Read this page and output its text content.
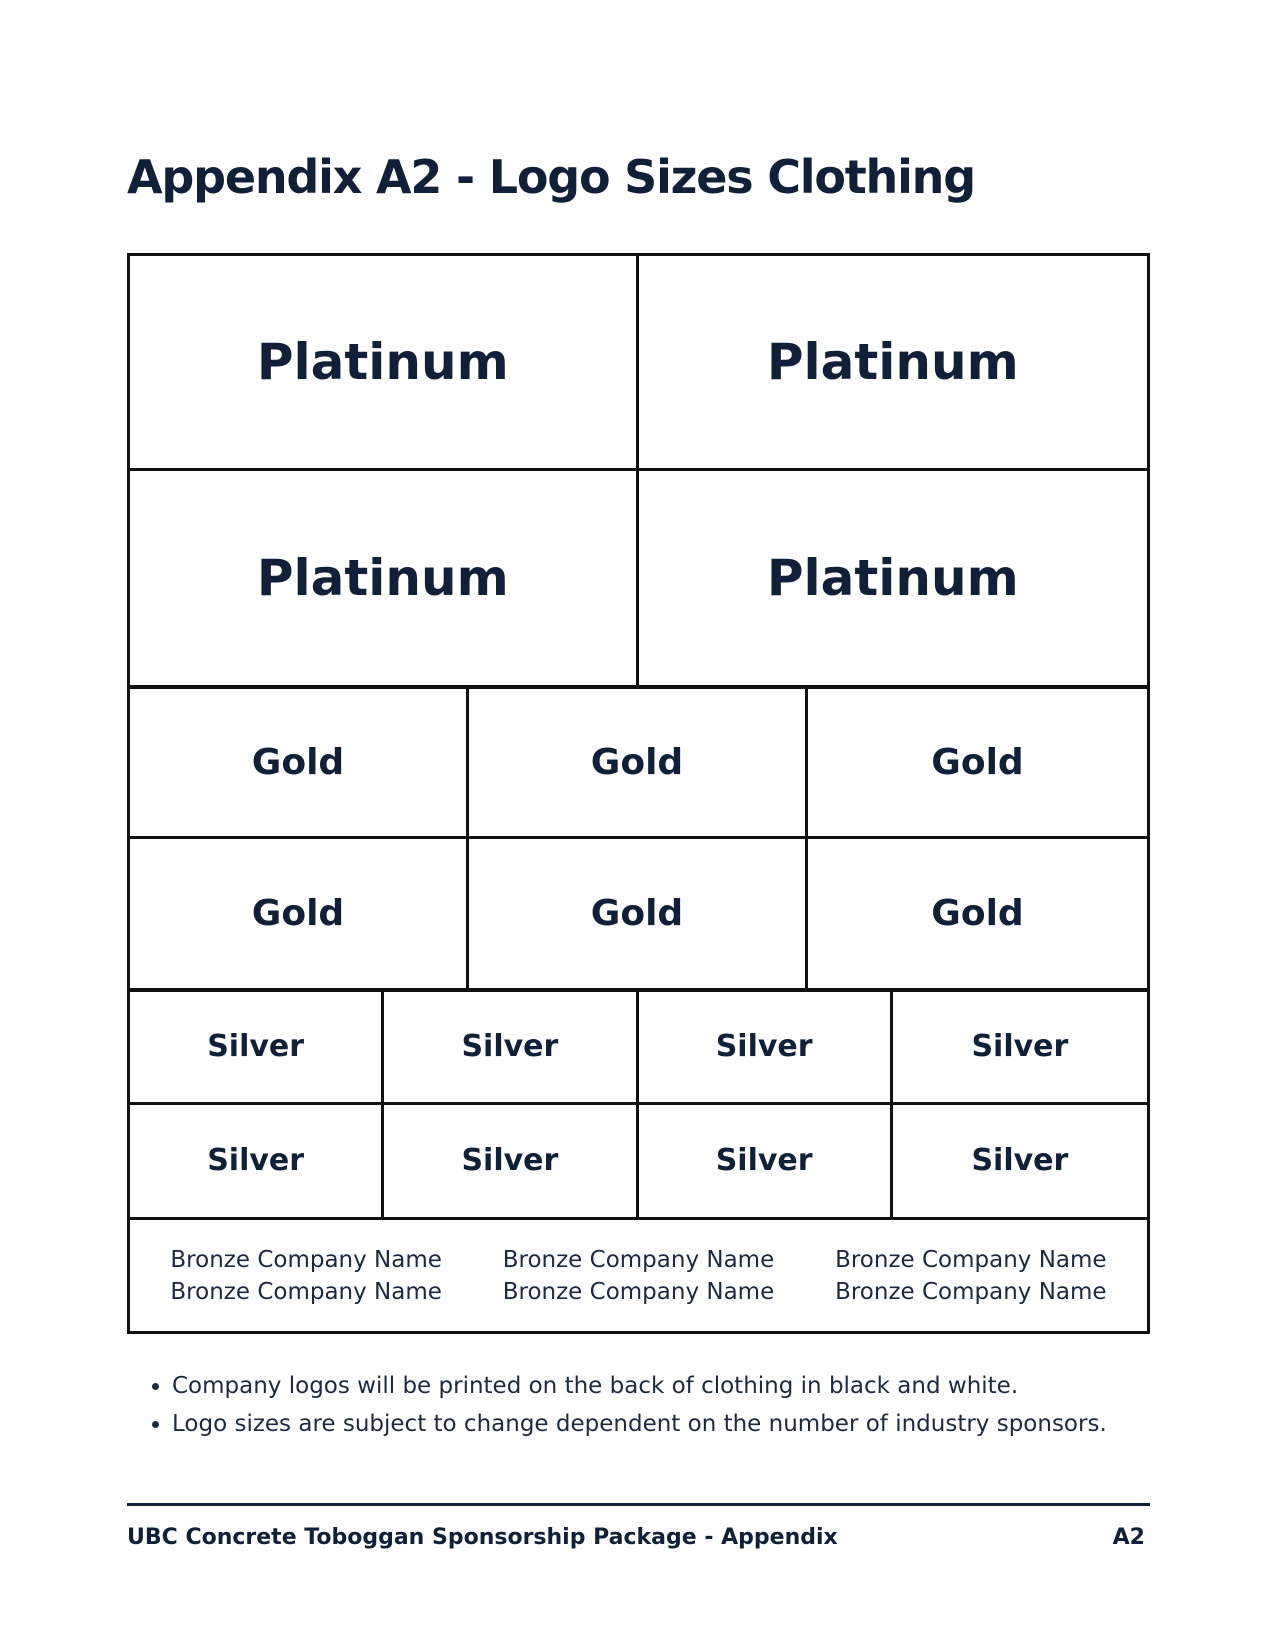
Appendix A2 - Logo Sizes Clothing
Platinum	Platinum
Platinum	Platinum
Gold	Gold	Gold
Gold	Gold	Gold
Silver	Silver	Silver	Silver
Silver	Silver	Silver	Silver
Bronze Company Name	Bronze Company Name	Bronze Company Name
Bronze Company Name	Bronze Company Name	Bronze Company Name
• Company logos will be printed on the back of clothing in black and white.
• Logo sizes are subject to change dependent on the number of industry sponsors.
UBC Concrete Toboggan Sponsorship Package - Appendix	A2
